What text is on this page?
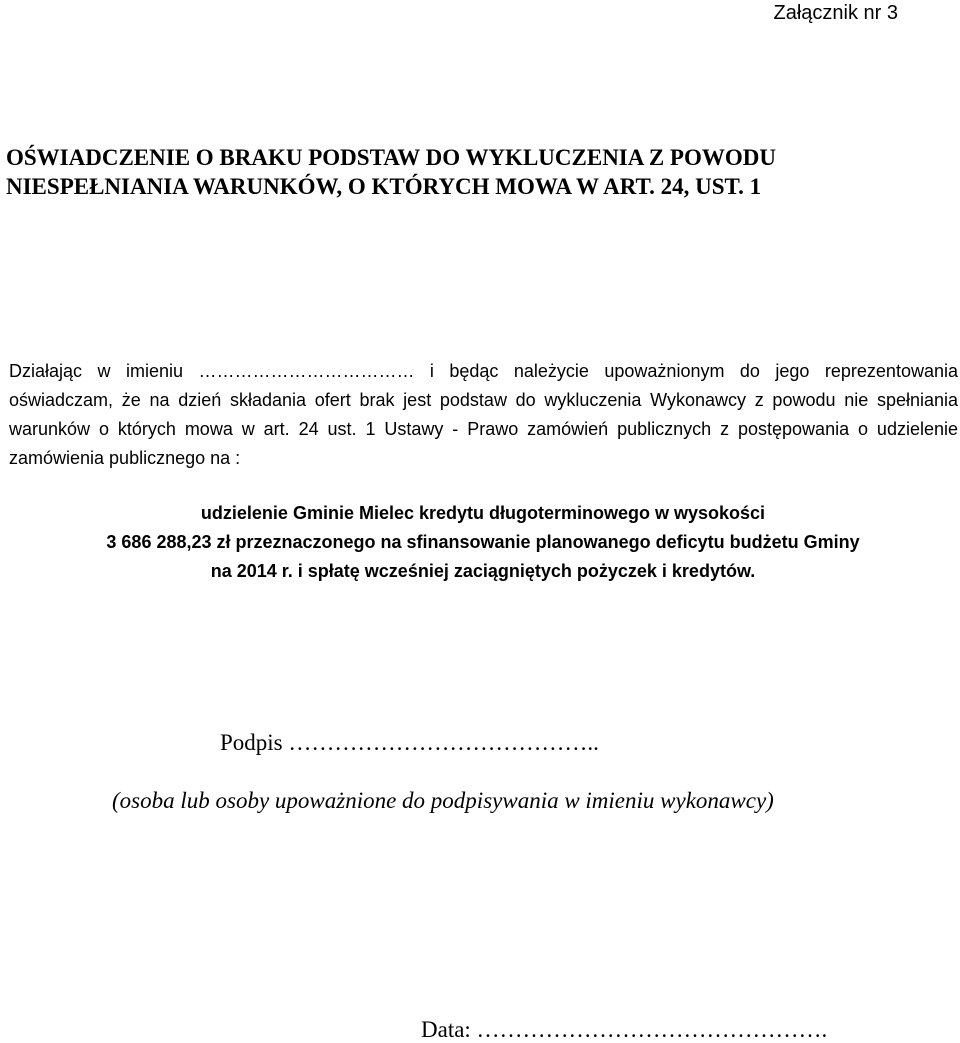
Załącznik nr 3
OŚWIADCZENIE O BRAKU PODSTAW DO WYKLUCZENIA Z POWODU
NIESPEŁNIANIA WARUNKÓW, O KTÓRYCH MOWA W ART. 24, UST. 1

Działając w imieniu ……………………………… i będąc należycie upoważnionym do jego reprezentowania oświadczam, że na dzień składania ofert brak jest podstaw do wykluczenia Wykonawcy z powodu nie spełniania warunków o których mowa w art. 24 ust. 1 Ustawy - Prawo zamówień publicznych z postępowania o udzielenie zamówienia publicznego na :

udzielenie Gminie Mielec kredytu długoterminowego w wysokości
3 686 288,23 zł przeznaczonego na sfinansowanie planowanego deficytu budżetu Gminy
na 2014 r. i spłatę wcześniej zaciągniętych pożyczek i kredytów.
Podpis …………………………………..
(osoba lub osoby upoważnione do podpisywania w imieniu wykonawcy)
Data: ……………………………………….
